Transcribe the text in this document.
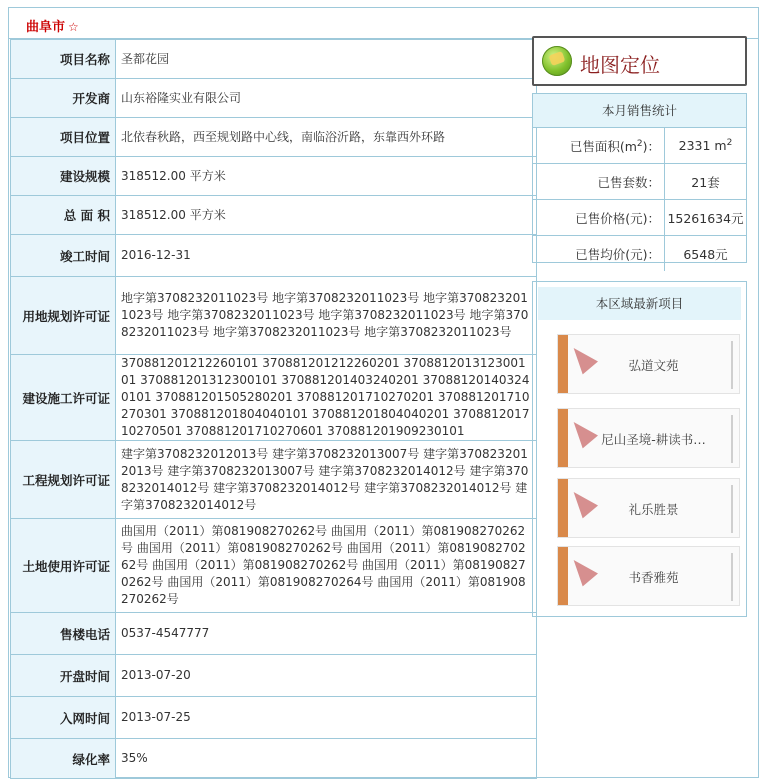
曲阜市 ☆
项目名称	圣都花园
开发商	山东裕隆实业有限公司
项目位置	北依春秋路，西至规划路中心线，南临浴沂路，东靠西外环路
建设规模	318512.00 平方米
总 面 积	318512.00 平方米
竣工时间	2016-12-31
用地规划许可证	地字第3708232011023号 地字第3708232011023号 地字第3708232011023号 地字第3708232011023号 地字第3708232011023号 地字第3708232011023号 地字第3708232011023号 地字第3708232011023号
建设施工许可证	370881201212260101 370881201212260201 370881201312300101 370881201312300101 370881201403240201 370881201403240101 370881201505280201 370881201710270201 370881201710270301 370881201804040101 370881201804040201 370881201710270501 370881201710270601 370881201909230101
工程规划许可证	建字第3708232012013号 建字第3708232013007号 建字第3708232012013号 建字第3708232013007号 建字第3708232014012号 建字第3708232014012号 建字第3708232014012号 建字第3708232014012号 建字第3708232014012号
土地使用许可证	曲国用（2011）第081908270262号 曲国用（2011）第081908270262号 曲国用（2011）第081908270262号 曲国用（2011）第081908270262号 曲国用（2011）第081908270262号 曲国用（2011）第081908270262号 曲国用（2011）第081908270264号 曲国用（2011）第081908270262号
售楼电话	0537-4547777
开盘时间	2013-07-20
入网时间	2013-07-25
绿化率	35%
地图定位
本月销售统计
已售面积$(m^2)$：	2331 $m^2$
已售套数：	21套
已售价格(元)：	15261634元
已售均价(元)：	6548元
本区域最新项目
弘道文苑
尼山圣境-耕读书…
礼乐胜景
书香雅苑
